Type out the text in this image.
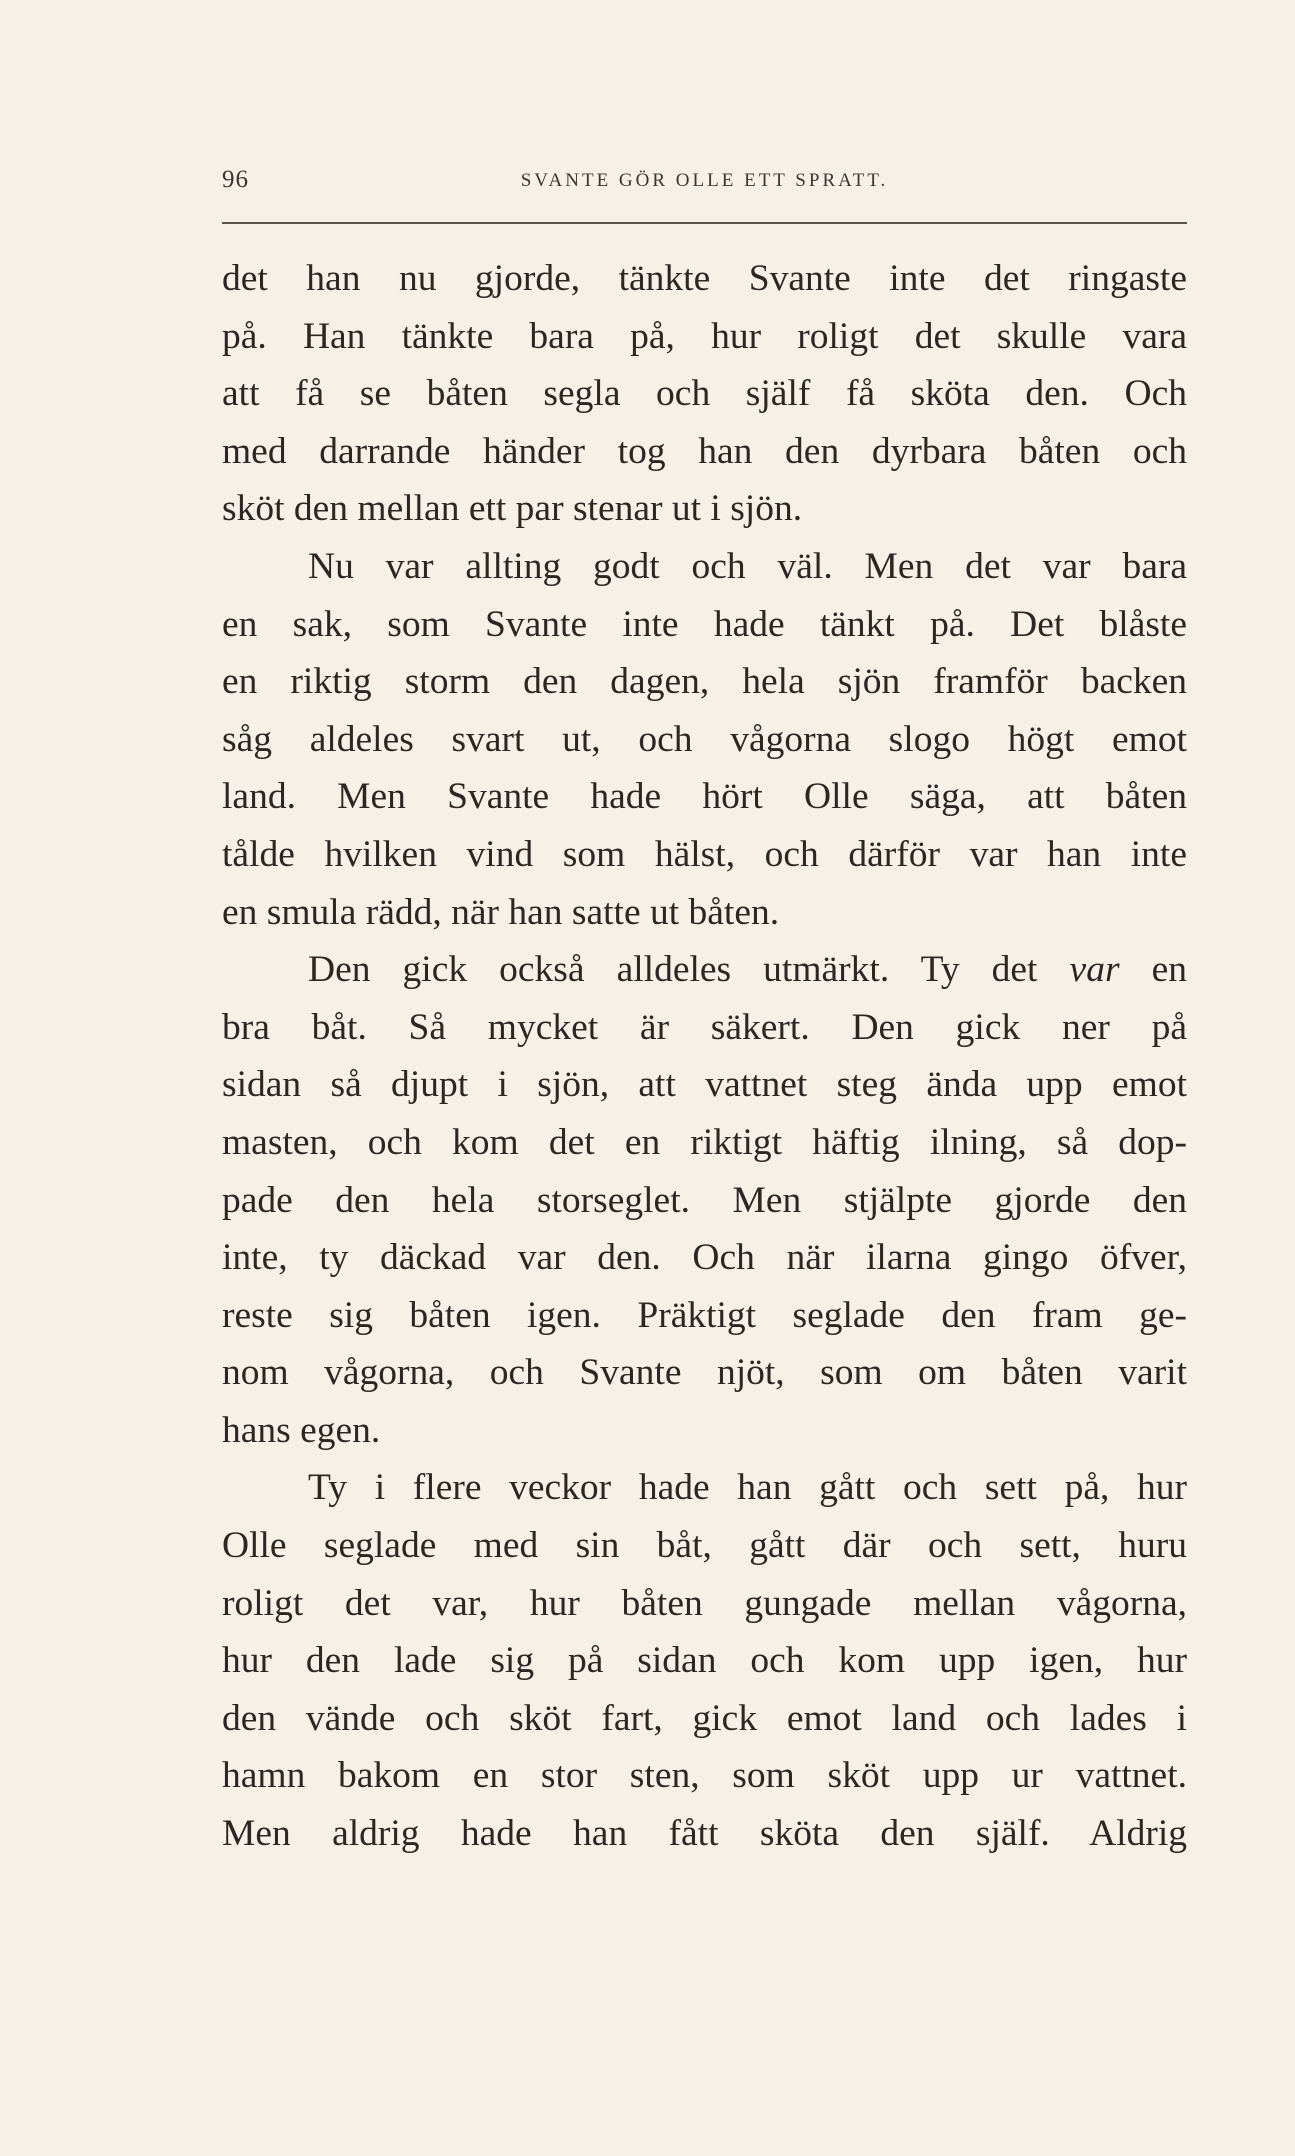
96	SVANTE GÖR OLLE ETT SPRATT.
det han nu gjorde, tänkte Svante inte det ringaste
på. Han tänkte bara på, hur roligt det skulle vara
att få se båten segla och själf få sköta den. Och
med darrande händer tog han den dyrbara båten och
sköt den mellan ett par stenar ut i sjön.
Nu var allting godt och väl. Men det var bara
en sak, som Svante inte hade tänkt på. Det blåste
en riktig storm den dagen, hela sjön framför backen
såg aldeles svart ut, och vågorna slogo högt emot
land. Men Svante hade hört Olle säga, att båten
tålde hvilken vind som hälst, och därför var han inte
en smula rädd, när han satte ut båten.
Den gick också alldeles utmärkt. Ty det var en
bra båt. Så mycket är säkert. Den gick ner på
sidan så djupt i sjön, att vattnet steg ända upp emot
masten, och kom det en riktigt häftig ilning, så dop-
pade den hela storseglet. Men stjälpte gjorde den
inte, ty däckad var den. Och när ilarna gingo öfver,
reste sig båten igen. Präktigt seglade den fram ge-
nom vågorna, och Svante njöt, som om båten varit
hans egen.
Ty i flere veckor hade han gått och sett på, hur
Olle seglade med sin båt, gått där och sett, huru
roligt det var, hur båten gungade mellan vågorna,
hur den lade sig på sidan och kom upp igen, hur
den vände och sköt fart, gick emot land och lades i
hamn bakom en stor sten, som sköt upp ur vattnet.
Men aldrig hade han fått sköta den själf. Aldrig
